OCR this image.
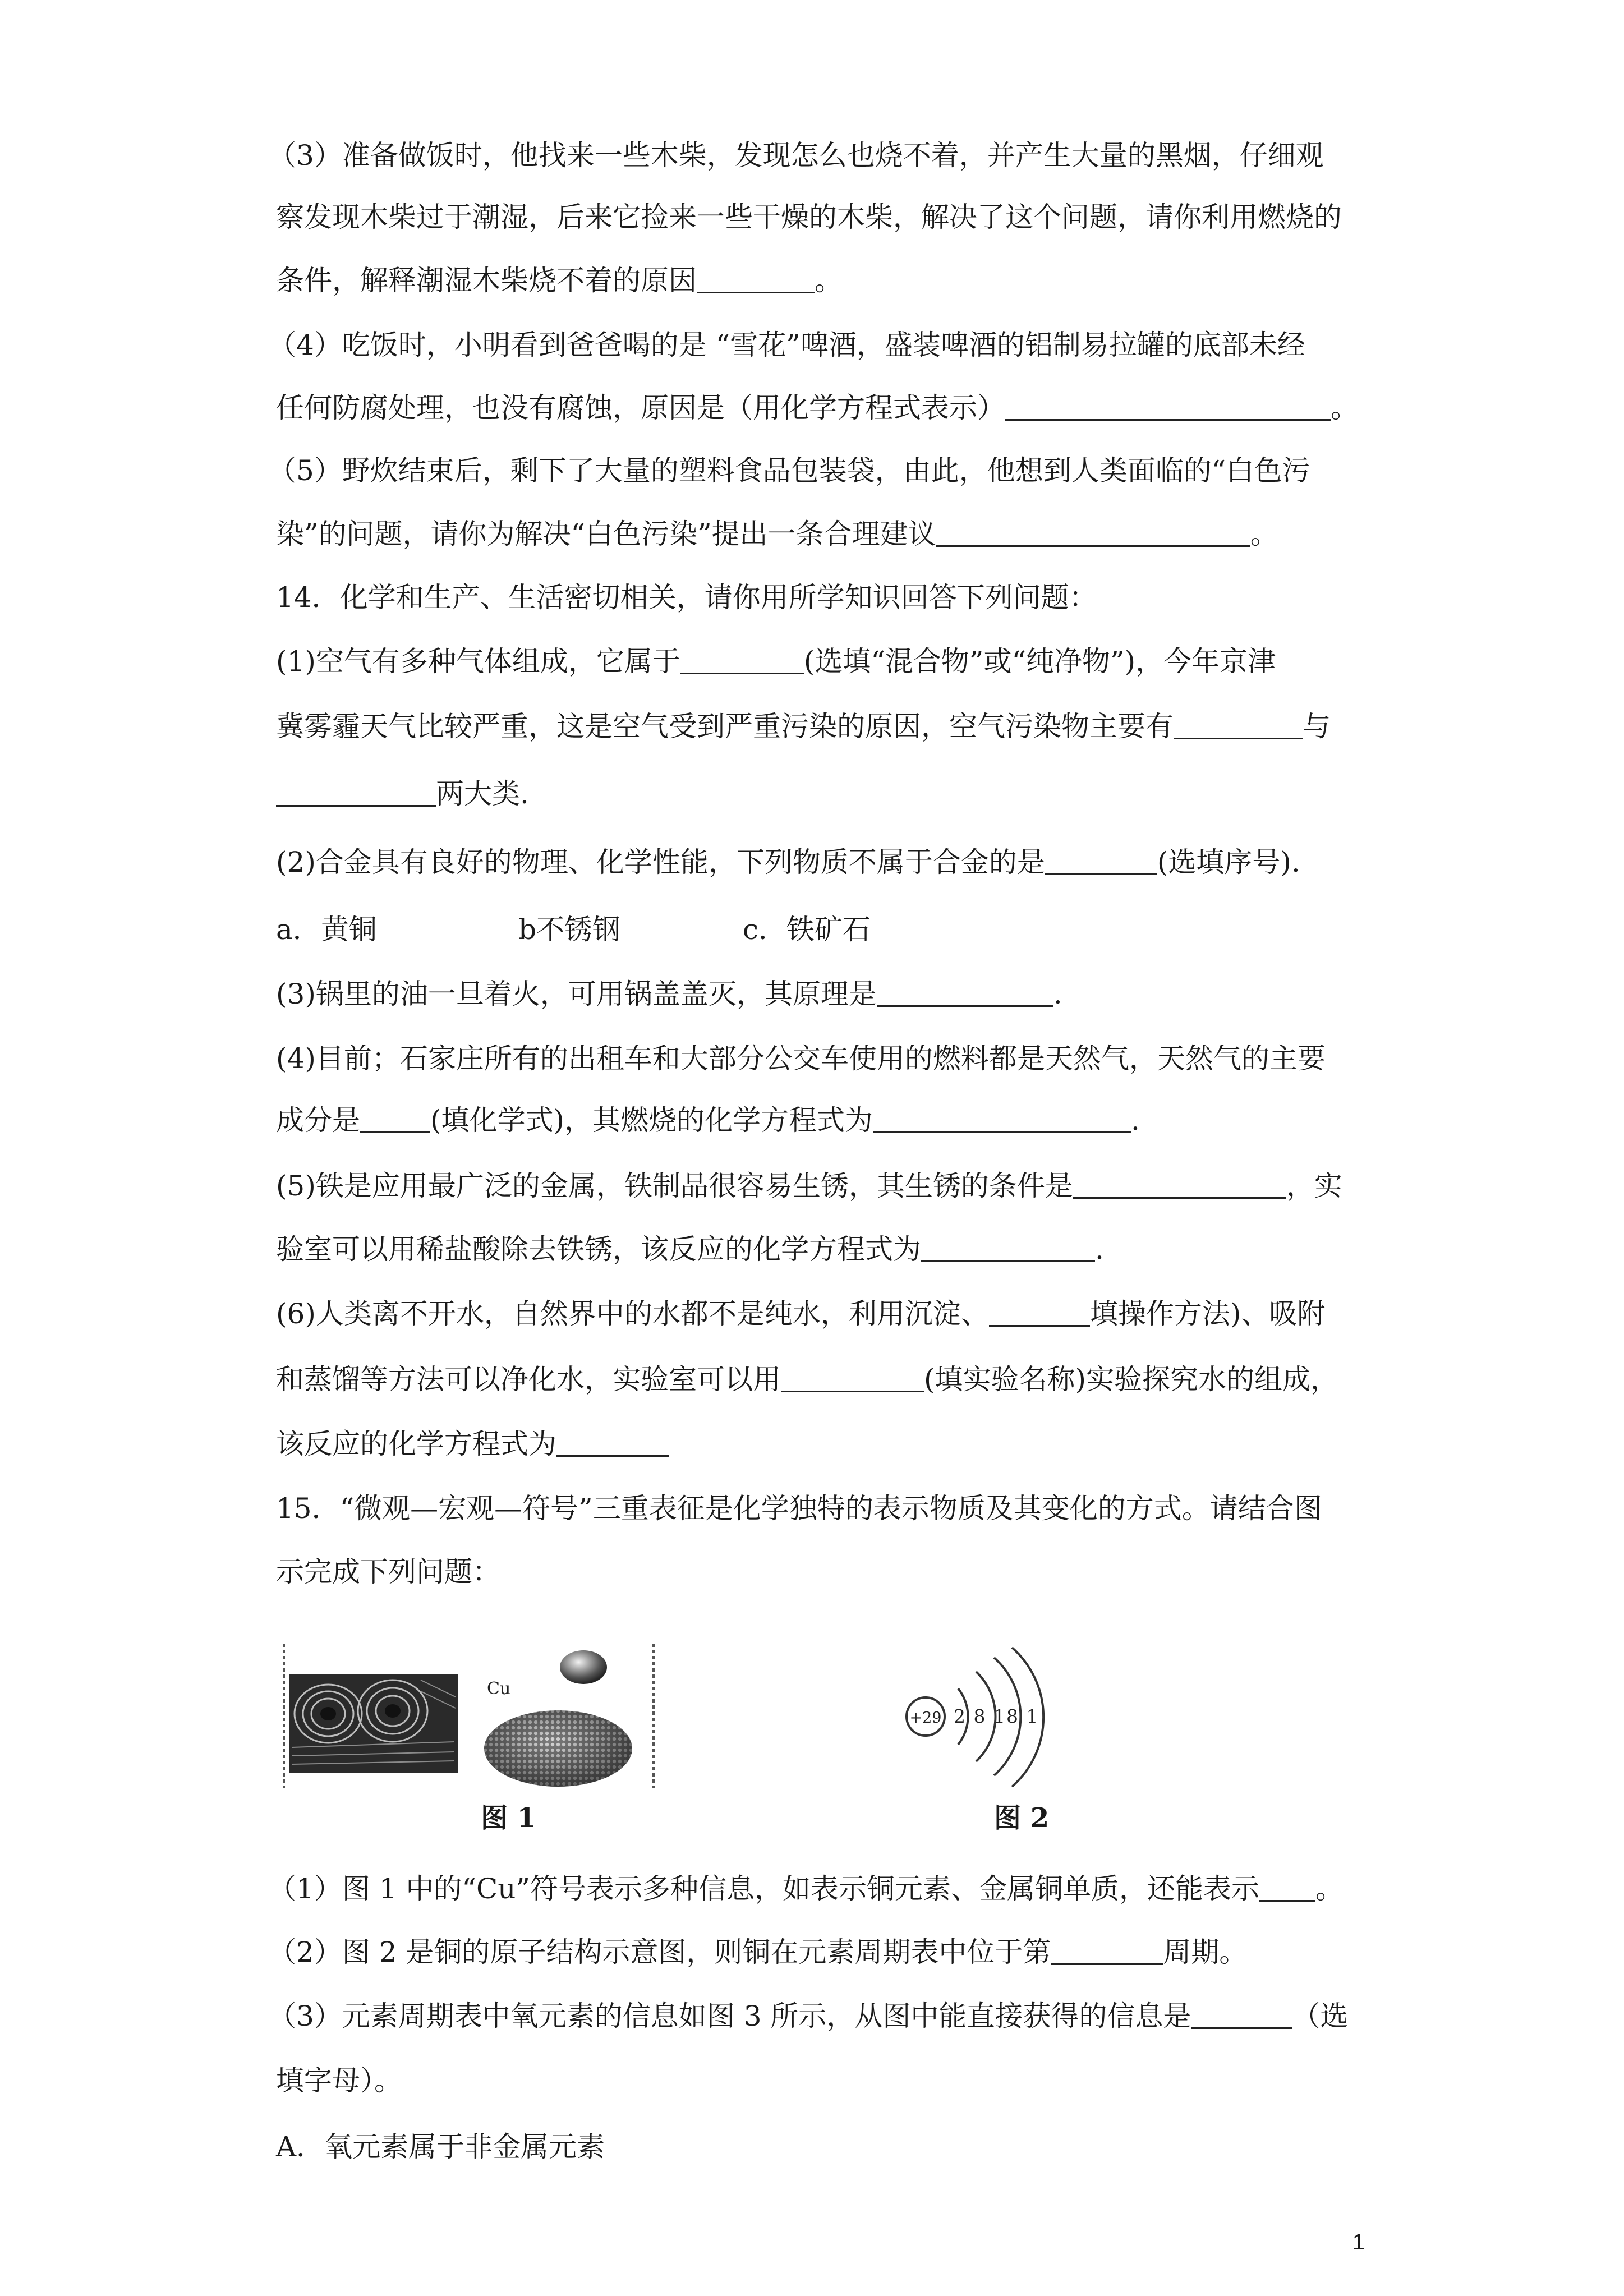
（3）准备做饭时，他找来一些木柴，发现怎么也烧不着，并产生大量的黑烟，仔细观
察发现木柴过于潮湿，后来它捡来一些干燥的木柴，解决了这个问题，请你利用燃烧的
条件，解释潮湿木柴烧不着的原因	。
（4）吃饭时，小明看到爸爸喝的是 “雪花”啤酒，盛装啤酒的铝制易拉罐的底部未经
任何防腐处理，也没有腐蚀，原因是（用化学方程式表示）	。
（5）野炊结束后，剩下了大量的塑料食品包装袋，由此，他想到人类面临的“白色污
染”的问题，请你为解决“白色污染”提出一条合理建议	。
14．化学和生产、生活密切相关，请你用所学知识回答下列问题：
(1)空气有多种气体组成，它属于	(选填“混合物”或“纯净物”)，今年京津
冀雾霾天气比较严重，这是空气受到严重污染的原因，空气污染物主要有	与
两大类.
(2)合金具有良好的物理、化学性能，下列物质不属于合金的是	(选填序号).
a．黄铜	b不锈钢	c．铁矿石
(3)锅里的油一旦着火，可用锅盖盖灭，其原理是	.
(4)目前；石家庄所有的出租车和大部分公交车使用的燃料都是天然气，天然气的主要
成分是	(填化学式)，其燃烧的化学方程式为	.
(5)铁是应用最广泛的金属，铁制品很容易生锈，其生锈的条件是	，实
验室可以用稀盐酸除去铁锈，该反应的化学方程式为	.
(6)人类离不开水，自然界中的水都不是纯水，利用沉淀、	填操作方法)、吸附
和蒸馏等方法可以净化水，实验室可以用	(填实验名称)实验探究水的组成，
该反应的化学方程式为
15．“微观—宏观—符号”三重表征是化学独特的表示物质及其变化的方式。请结合图
示完成下列问题：
Cu
图 1
+29 2 8 18 1
图 2
（1）图 1 中的“Cu”符号表示多种信息，如表示铜元素、金属铜单质，还能表示 。
（2）图 2 是铜的原子结构示意图，则铜在元素周期表中位于第	周期。
（3）元素周期表中氧元素的信息如图 3 所示，从图中能直接获得的信息是	（选
填字母）。
A．氧元素属于非金属元素
1
